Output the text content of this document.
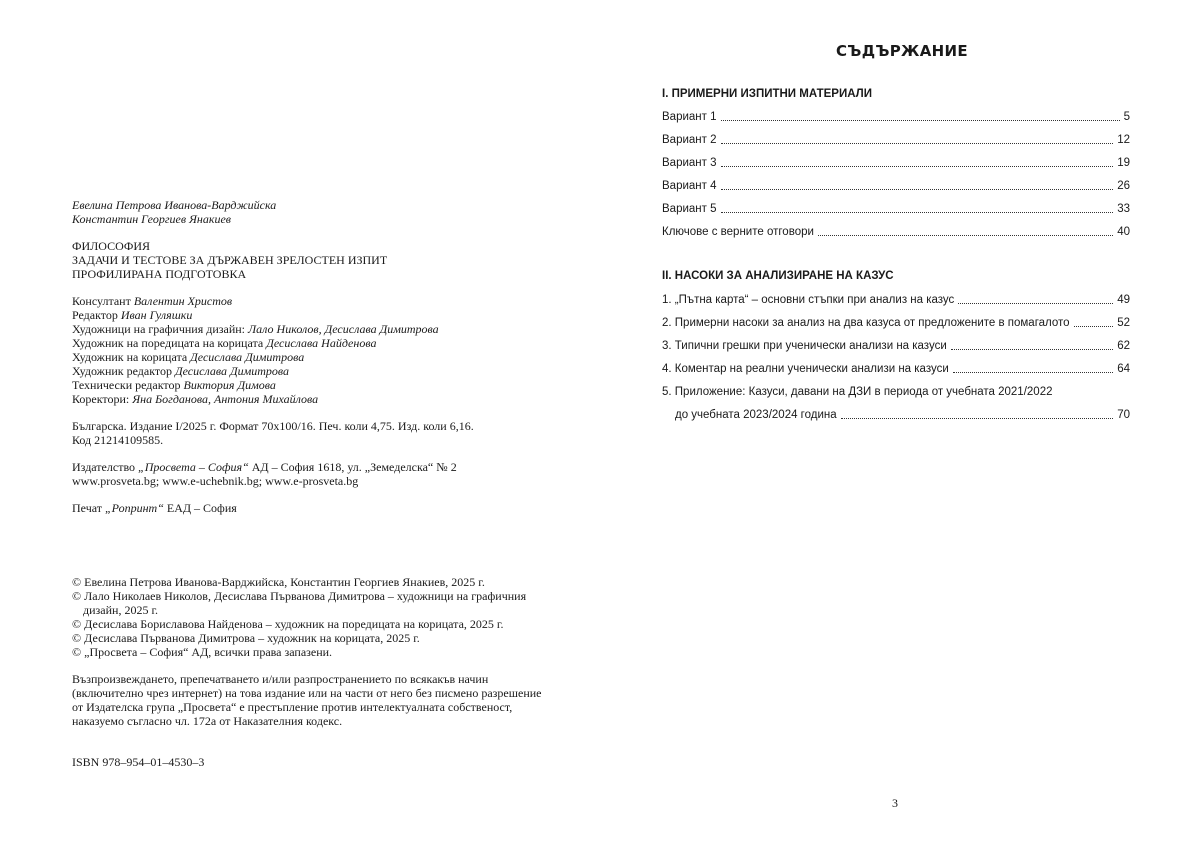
Евелина Петрова Иванова-Варджийска

Константин Георгиев Янакиев

ФИЛОСОФИЯ

ЗАДАЧИ И ТЕСТОВЕ ЗА ДЪРЖАВЕН ЗРЕЛОСТЕН ИЗПИТ

ПРОФИЛИРАНА ПОДГОТОВКА

Консултант Валентин Христов

Редактор Иван Гуляшки

Художници на графичния дизайн: Лало Николов, Десислава Димитрова

Художник на поредицата на корицата Десислава Найденова

Художник на корицата Десислава Димитрова

Художник редактор Десислава Димитрова

Технически редактор Виктория Димова

Коректори: Яна Богданова, Антония Михайлова

Българска. Издание I/2025 г. Формат 70х100/16. Печ. коли 4,75. Изд. коли 6,16.

Код 21214109585.

Издателство „Просвета – София“ АД – София 1618, ул. „Земеделска“ № 2

www.prosveta.bg; www.e-uchebnik.bg; www.e-prosveta.bg

Печат „Ропринт“ ЕАД – София

© Евелина Петрова Иванова-Варджийска, Константин Георгиев Янакиев, 2025 г.

© Лало Николаев Николов, Десислава Първанова Димитрова – художници на графичния

дизайн, 2025 г.

© Десислава Бориславова Найденова – художник на поредицата на корицата, 2025 г.

© Десислава Първанова Димитрова – художник на корицата, 2025 г.

© „Просвета – София“ АД, всички права запазени.

Възпроизвеждането, препечатването и/или разпространението по всякакъв начин

(включително чрез интернет) на това издание или на части от него без писмено разрешение

от Издателска група „Просвета“ е престъпление против интелектуалната собственост,

наказуемо съгласно чл. 172а от Наказателния кодекс.

ISBN 978–954–01–4530–3

СЪДЪРЖАНИЕ
I. ПРИМЕРНИ ИЗПИТНИ МАТЕРИАЛИ
Вариант 1	5
Вариант 2	12
Вариант 3	19
Вариант 4	26
Вариант 5	33
Ключове с верните отговори	40
II. НАСОКИ ЗА АНАЛИЗИРАНЕ НА КАЗУС
1. „Пътна карта“ – основни стъпки при анализ на казус	49
2. Примерни насоки за анализ на два казуса от предложените в помагалото	52
3. Типични грешки при ученически анализи на казуси	62
4. Коментар на реални ученически анализи на казуси	64
5. Приложение: Казуси, давани на ДЗИ в периода от учебната 2021/2022
до учебната 2023/2024 година	70
3
